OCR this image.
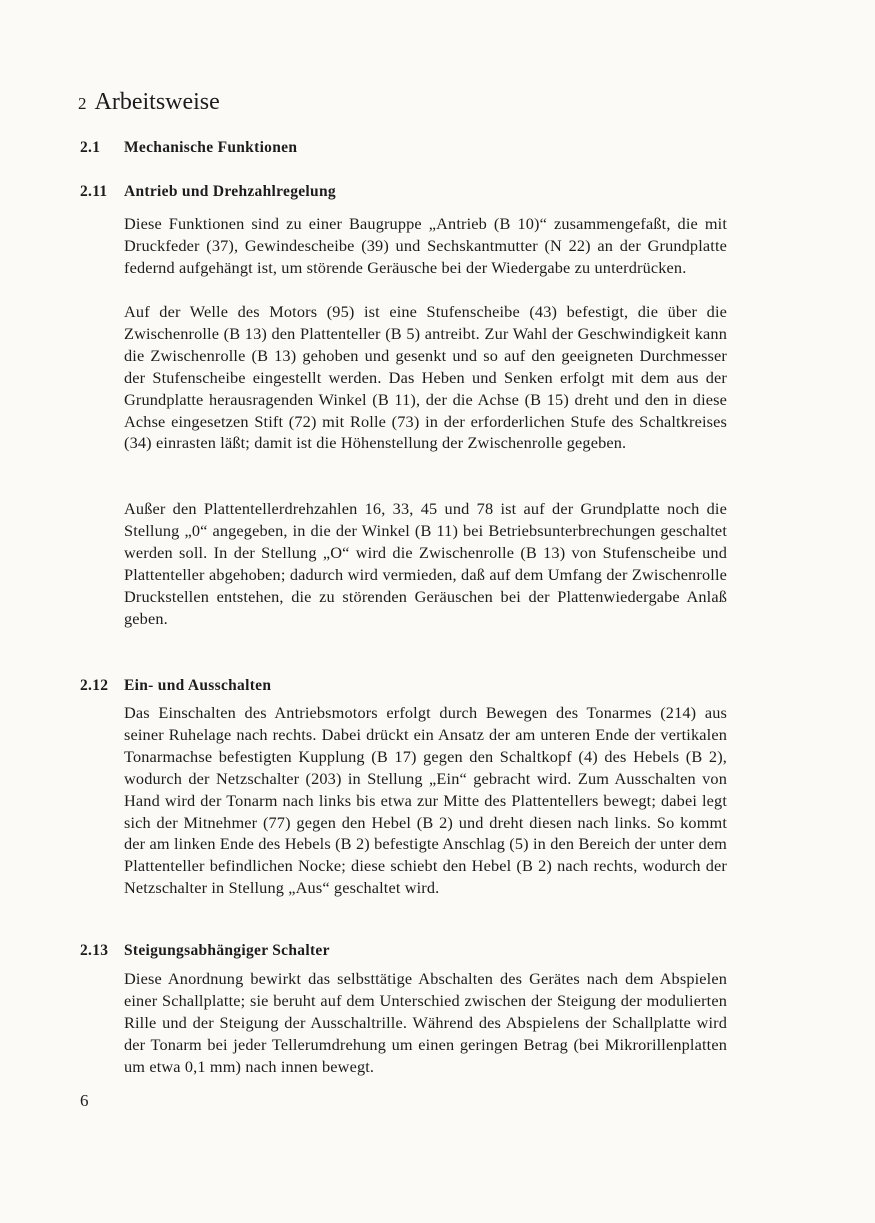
2 Arbeitsweise
2.1 Mechanische Funktionen
2.11 Antrieb und Drehzahlregelung

Diese Funktionen sind zu einer Baugruppe „Antrieb (B 10)“ zusammengefaßt, die mit Druckfeder (37), Gewindescheibe (39) und Sechskantmutter (N 22) an der Grundplatte federnd aufgehängt ist, um störende Geräusche bei der Wiedergabe zu unterdrücken.

Auf der Welle des Motors (95) ist eine Stufenscheibe (43) befestigt, die über die Zwischenrolle (B 13) den Plattenteller (B 5) antreibt. Zur Wahl der Geschwindigkeit kann die Zwischenrolle (B 13) gehoben und gesenkt und so auf den geeigneten Durchmesser der Stufenscheibe eingestellt werden. Das Heben und Senken erfolgt mit dem aus der Grundplatte herausragenden Winkel (B 11), der die Achse (B 15) dreht und den in diese Achse eingesetzen Stift (72) mit Rolle (73) in der erforderlichen Stufe des Schaltkreises (34) einrasten läßt; damit ist die Höhenstellung der Zwischenrolle gegeben.

Außer den Plattentellerdrehzahlen 16, 33, 45 und 78 ist auf der Grundplatte noch die Stellung „0“ angegeben, in die der Winkel (B 11) bei Betriebsunterbrechungen geschaltet werden soll. In der Stellung „O“ wird die Zwischenrolle (B 13) von Stufenscheibe und Plattenteller abgehoben; dadurch wird vermieden, daß auf dem Umfang der Zwischenrolle Druckstellen entstehen, die zu störenden Geräuschen bei der Plattenwiedergabe Anlaß geben.

2.12 Ein- und Ausschalten

Das Einschalten des Antriebsmotors erfolgt durch Bewegen des Tonarmes (214) aus seiner Ruhelage nach rechts. Dabei drückt ein Ansatz der am unteren Ende der vertikalen Tonarmachse befestigten Kupplung (B 17) gegen den Schaltkopf (4) des Hebels (B 2), wodurch der Netzschalter (203) in Stellung „Ein“ gebracht wird. Zum Ausschalten von Hand wird der Tonarm nach links bis etwa zur Mitte des Plattentellers bewegt; dabei legt sich der Mitnehmer (77) gegen den Hebel (B 2) und dreht diesen nach links. So kommt der am linken Ende des Hebels (B 2) befestigte Anschlag (5) in den Bereich der unter dem Plattenteller befindlichen Nocke; diese schiebt den Hebel (B 2) nach rechts, wodurch der Netzschalter in Stellung „Aus“ geschaltet wird.

2.13 Steigungsabhängiger Schalter

Diese Anordnung bewirkt das selbsttätige Abschalten des Gerätes nach dem Abspielen einer Schallplatte; sie beruht auf dem Unterschied zwischen der Steigung der modulierten Rille und der Steigung der Ausschaltrille. Während des Abspielens der Schallplatte wird der Tonarm bei jeder Tellerumdrehung um einen geringen Betrag (bei Mikrorillenplatten um etwa 0,1 mm) nach innen bewegt.

6
